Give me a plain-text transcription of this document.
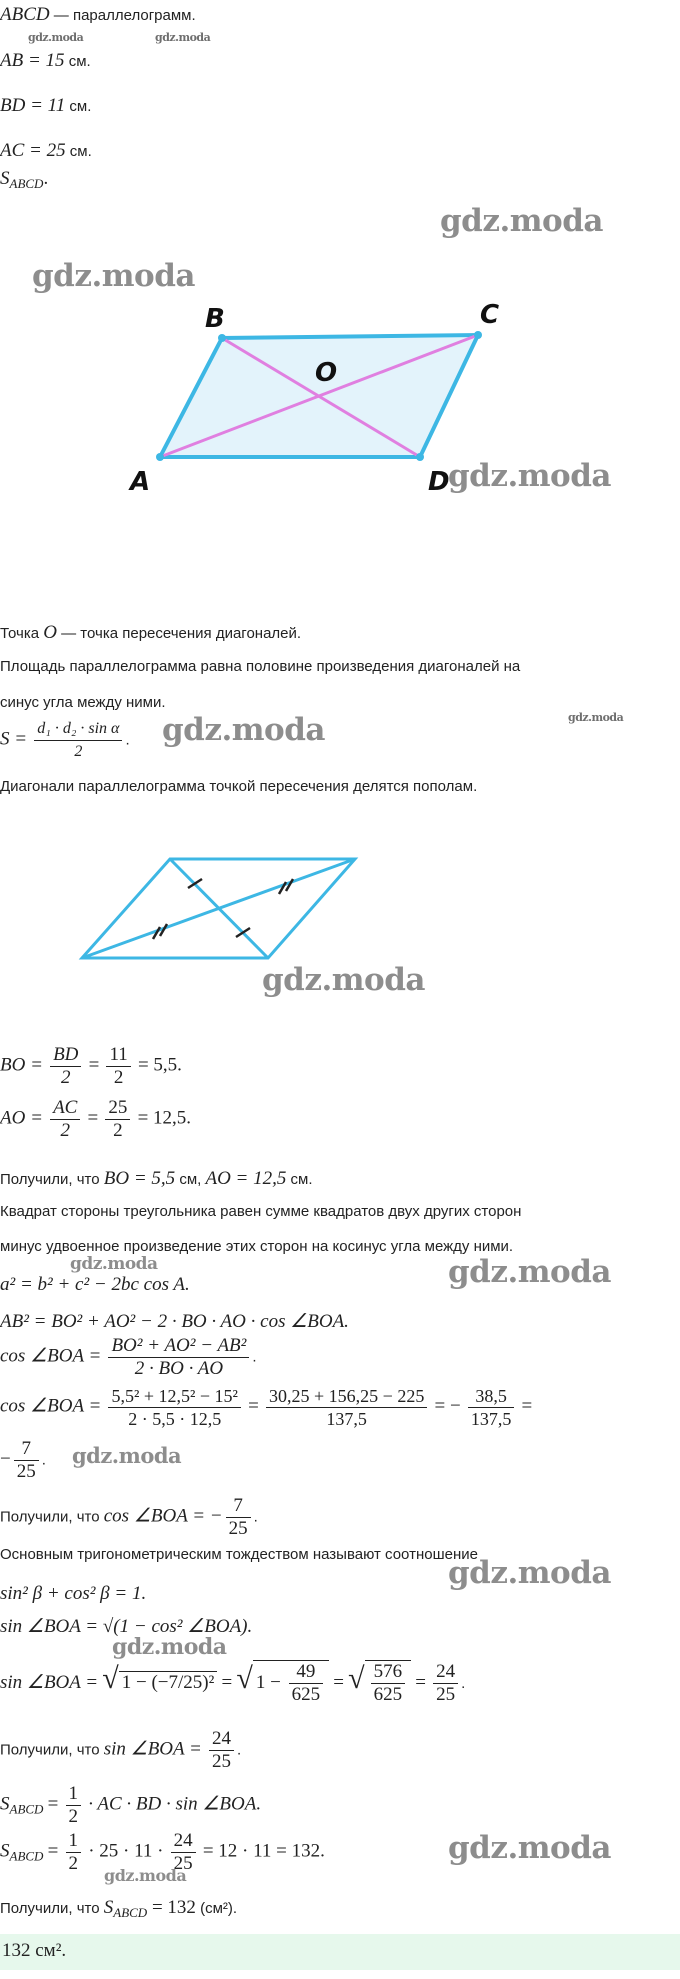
ABCD — параллелограмм.
gdz.moda	gdz.moda
AB = 15 см.
BD = 11 см.
AC = 25 см.
$S_{ABCD}$.
gdz.moda
gdz.moda
A
B	C
D
O
gdz.moda
Точка O — точка пересечения диагоналей.
Площадь параллелограмма равна половине произведения диагоналей на
синус угла между ними.
gdz.moda
$S = \frac{\text{d₁ · d₂ · sin α}}{2}$ . gdz.moda
Диагонали параллелограмма точкой пересечения делятся пополам.
gdz.moda
BO = $\frac{BD}{2} = \frac{11}{2} = 5,5$.
AO = $\frac{AC}{2} = \frac{25}{2} = 12,5$.
Получили, что BO = 5,5 см, AO = 12,5 см.
Квадрат стороны треугольника равен сумме квадратов двух других сторон
минус удвоенное произведение этих сторон на косинус угла между ними.
gdz.moda	gdz.moda
a² = b² + c² − 2bc cos A.
AB² = BO² + AO² − 2 · BO · AO · cos ∠BOA.
cos ∠BOA = $\frac{\text{BO² + AO² − AB²}}{2 \cdot BO \cdot AO}$ .
cos ∠BOA = $\frac{\text{5,5² + 12,5² − 15²}}{2 \cdot 5,5 \cdot 12,5} = \frac{30,25 + 156,25 - 225}{137,5}$ = − $\frac{38,5}{137,5}$ =
− $\frac{7}{25}$ . gdz.moda
Получили, что cos ∠BOA = − $\frac{7}{25}$ .
Основным тригонометрическим тождеством называют соотношение
gdz.moda
sin² β + cos² β = 1.
sin ∠BOA = √(1 − cos² ∠BOA).
gdz.moda
sin ∠BOA = √ 1 − (−7/25)² = √ $1 - \frac{49}{625}$ = √ $\frac{576}{625} = \frac{24}{25}$ .
Получили, что sin ∠BOA = $\frac{24}{25}$ .
$S_{ABCD} = \frac{1}{2}$ · AC · BD · sin ∠BOA.
$S_{ABCD} = \frac{1}{2} \cdot 25 \cdot 11 \cdot \frac{24}{25} = 12 \cdot 11 = 132$.
gdz.moda
gdz.moda
Получили, что $S_{ABCD} = 132$ (см²).
132 см².
